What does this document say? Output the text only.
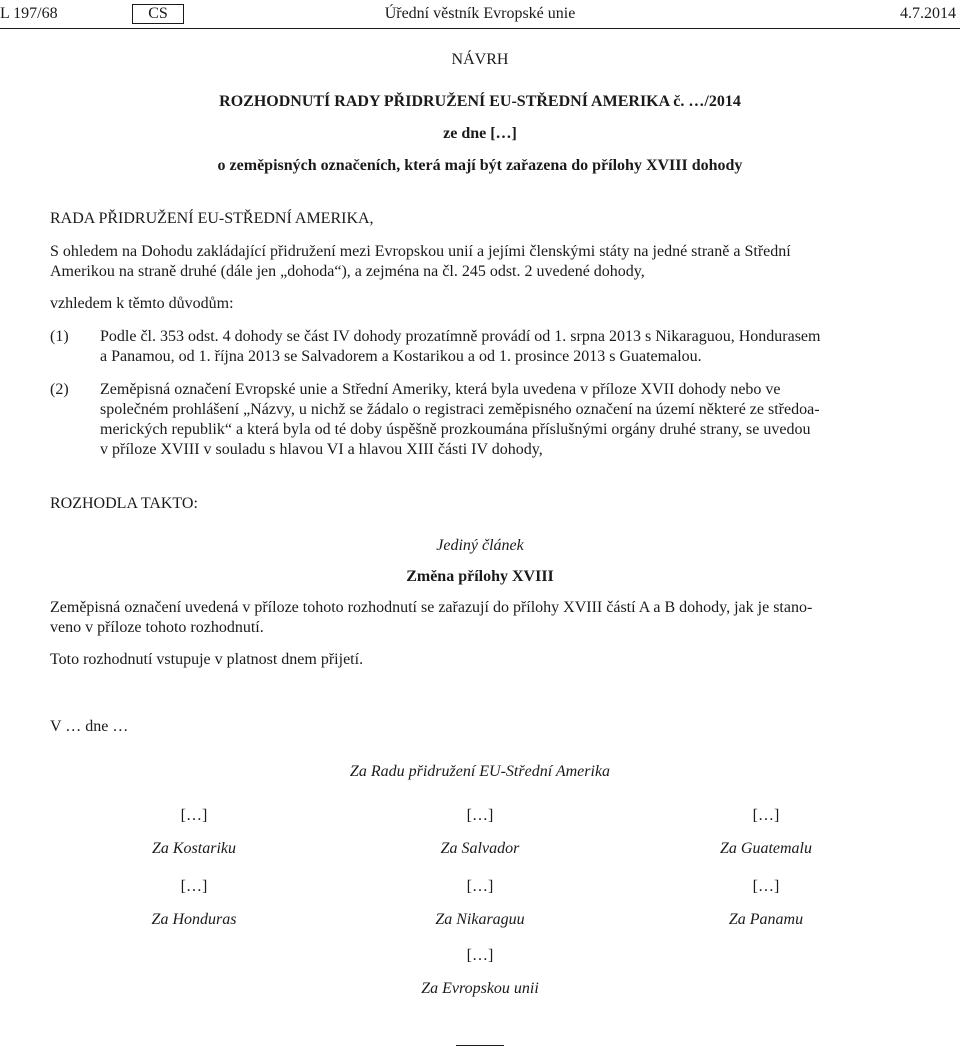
L 197/68	CS	Úřední věstník Evropské unie	4.7.2014
NÁVRH
ROZHODNUTÍ RADY PŘIDRUŽENÍ EU-STŘEDNÍ AMERIKA č. …/2014
ze dne […]
o zeměpisných označeních, která mají být zařazena do přílohy XVIII dohody
RADA PŘIDRUŽENÍ EU-STŘEDNÍ AMERIKA,
S ohledem na Dohodu zakládající přidružení mezi Evropskou unií a jejími členskými státy na jedné straně a Střední
Amerikou na straně druhé (dále jen „dohoda“), a zejména na čl. 245 odst. 2 uvedené dohody,
vzhledem k těmto důvodům:
(1) Podle čl. 353 odst. 4 dohody se část IV dohody prozatímně provádí od 1. srpna 2013 s Nikaraguou, Hondurasem
a Panamou, od 1. října 2013 se Salvadorem a Kostarikou a od 1. prosince 2013 s Guatemalou.
(2) Zeměpisná označení Evropské unie a Střední Ameriky, která byla uvedena v příloze XVII dohody nebo ve
společném prohlášení „Názvy, u nichž se žádalo o registraci zeměpisného označení na území některé ze středoa-
merických republik“ a která byla od té doby úspěšně prozkoumána příslušnými orgány druhé strany, se uvedou
v příloze XVIII v souladu s hlavou VI a hlavou XIII části IV dohody,
ROZHODLA TAKTO:
Jediný článek
Změna přílohy XVIII
Zeměpisná označení uvedená v příloze tohoto rozhodnutí se zařazují do přílohy XVIII částí A a B dohody, jak je stano-
veno v příloze tohoto rozhodnutí.
Toto rozhodnutí vstupuje v platnost dnem přijetí.
V … dne …
Za Radu přidružení EU-Střední Amerika
[…]
Za Kostariku
[…]
Za Salvador
[…]
Za Guatemalu
[…]
Za Honduras
[…]
Za Nikaraguu
[…]
Za Panamu
[…]
Za Evropskou unii
